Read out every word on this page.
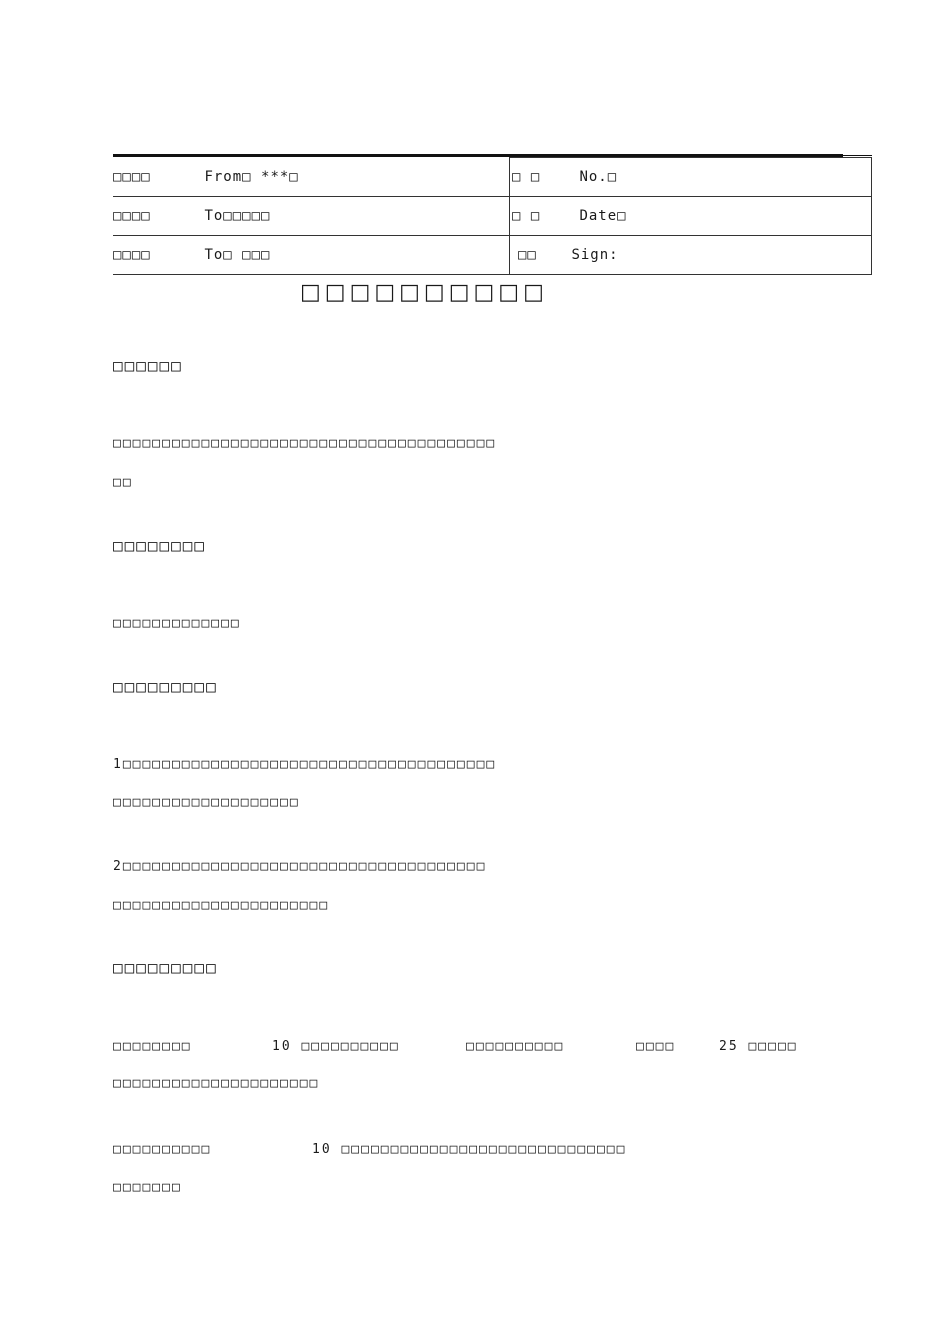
□□□□ From□ ***□	□ □ No.□
□□□□ To□□□□□	□ □ Date□
□□□□ To□ □□□	□□ Sign:
□□□□□□□□□□
□□□□□□
□□□□□□□□□□□□□□□□□□□□□□□□□□□□□□□□□□□□□□□
□□
□□□□□□□□
□□□□□□□□□□□□□
□□□□□□□□□
1□□□□□□□□□□□□□□□□□□□□□□□□□□□□□□□□□□□□□□
□□□□□□□□□□□□□□□□□□□
2□□□□□□□□□□□□□□□□□□□□□□□□□□□□□□□□□□□□□
□□□□□□□□□□□□□□□□□□□□□□
□□□□□□□□□
□□□□□□□□	10 □□□□□□□□□□	□□□□□□□□□□	□□□□	25 □□□□□
□□□□□□□□□□□□□□□□□□□□□
□□□□□□□□□□	10 □□□□□□□□□□□□□□□□□□□□□□□□□□□□□
□□□□□□□
